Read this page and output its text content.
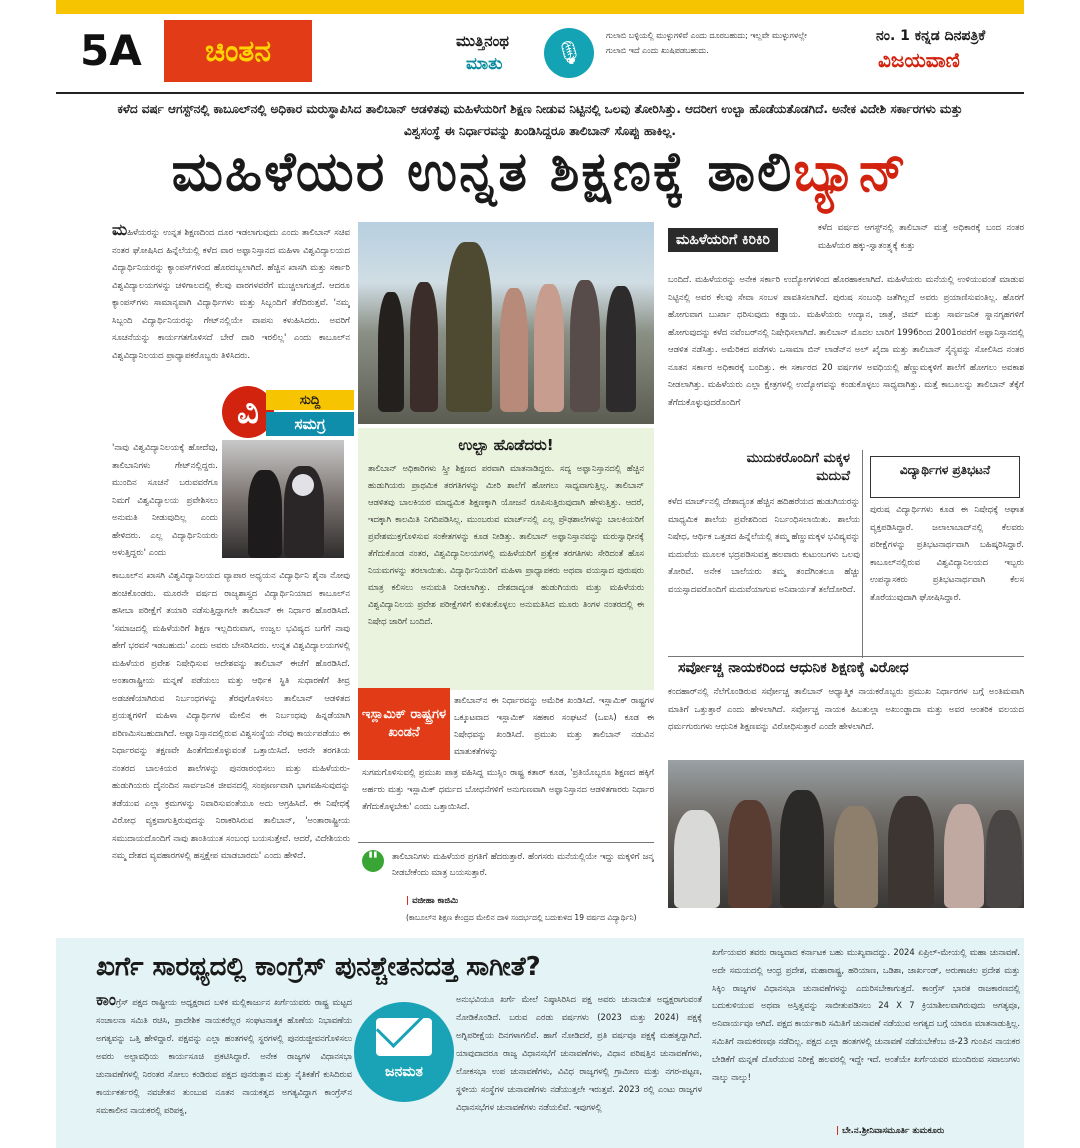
5A	ಚಿಂತನ	ಮುತ್ತಿನಂಥ
ಮಾತು	🎙
ಗುಲಾಬಿ ಬಳ್ಳಿಯಲ್ಲಿ ಮುಳ್ಳುಗಳಿವೆ ಎಂದು ದೂರಬಹುದು; ಇಲ್ಲವೇ ಮುಳ್ಳುಗಳಲ್ಲೇ ಗುಲಾಬಿ ಇದೆ ಎಂದು ಖುಷಿಪಡಬಹುದು.
ನಂ. 1 ಕನ್ನಡ ದಿನಪತ್ರಿಕೆ
ವಿಜಯವಾಣಿ
ಕಳೆದ ವರ್ಷ ಆಗಸ್ಟ್‌ನಲ್ಲಿ ಕಾಬೂಲ್‌ನಲ್ಲಿ ಅಧಿಕಾರ ಮರುಸ್ಥಾಪಿಸಿದ ತಾಲಿಬಾನ್ ಆಡಳಿತವು ಮಹಿಳೆಯರಿಗೆ ಶಿಕ್ಷಣ ನೀಡುವ ನಿಟ್ಟಿನಲ್ಲಿ ಒಲವು ತೋರಿಸಿತ್ತು. ಆದರೀಗ ಉಲ್ಟಾ ಹೊಡೆಯತೊಡಗಿದೆ. ಅನೇಕ ವಿದೇಶಿ ಸರ್ಕಾರಗಳು ಮತ್ತು ವಿಶ್ವಸಂಸ್ಥೆ ಈ ನಿರ್ಧಾರವನ್ನು ಖಂಡಿಸಿದ್ದರೂ ತಾಲಿಬಾನ್ ಸೊಪ್ಪು ಹಾಕಿಲ್ಲ.
ಮಹಿಳೆಯರ ಉನ್ನತ ಶಿಕ್ಷಣಕ್ಕೆ ತಾಲಿಬ್ಯಾನ್
ಮಹಿಳೆಯರನ್ನು ಉನ್ನತ ಶಿಕ್ಷಣದಿಂದ ದೂರ ಇಡಲಾಗುವುದು ಎಂದು ತಾಲಿಬಾನ್ ಸಚಿವ ನಂತರ ಘೋಷಿಸಿದ ಹಿನ್ನೆಲೆಯಲ್ಲಿ ಕಳೆದ ವಾರ ಅಫ್ಘಾನಿಸ್ತಾನದ ಮಹಿಳಾ ವಿಶ್ವವಿದ್ಯಾಲಯದ ವಿದ್ಯಾರ್ಥಿನಿಯರನ್ನು ಕ್ಯಾಂಪಸ್‌ಗಳಿಂದ ಹೊರದಬ್ಬಲಾಗಿದೆ. ಹೆಚ್ಚಿನ ಖಾಸಗಿ ಮತ್ತು ಸರ್ಕಾರಿ ವಿಶ್ವವಿದ್ಯಾಲಯಗಳನ್ನು ಚಳಿಗಾಲದಲ್ಲಿ ಕೆಲವು ವಾರಗಳವರೆಗೆ ಮುಚ್ಚಲಾಗುತ್ತದೆ. ಆದರೂ ಕ್ಯಾಂಪಸ್‌ಗಳು ಸಾಮಾನ್ಯವಾಗಿ ವಿದ್ಯಾರ್ಥಿಗಳು ಮತ್ತು ಸಿಬ್ಬಂದಿಗೆ ತೆರೆದಿರುತ್ತವೆ. 'ನಮ್ಮ ಸಿಬ್ಬಂದಿ ವಿದ್ಯಾರ್ಥಿನಿಯರನ್ನು ಗೇಟ್‌ನಲ್ಲಿಯೇ ವಾಪಸು ಕಳುಹಿಸಿದರು. ಅವರಿಗೆ ಸೂಚನೆಯನ್ನು ಕಾರ್ಯಗತಗೊಳಿಸದೆ ಬೇರೆ ದಾರಿ ಇರಲಿಲ್ಲ' ಎಂದು ಕಾಬೂಲ್‌ನ ವಿಶ್ವವಿದ್ಯಾನಿಲಯದ ಪ್ರಾಧ್ಯಾಪಕರೊಬ್ಬರು ತಿಳಿಸಿದರು.
ವಿ	ಸುದ್ದಿ
ಸಮಗ್ರ
'ನಾವು ವಿಶ್ವವಿದ್ಯಾನಿಲಯಕ್ಕೆ ಹೋದೆವು, ತಾಲಿಬಾನಿಗಳು ಗೇಟ್‌ನಲ್ಲಿದ್ದರು. ಮುಂದಿನ ಸೂಚನೆ ಬರುವವರೆಗೂ ನಿಮಗೆ ವಿಶ್ವವಿದ್ಯಾಲಯ ಪ್ರವೇಶಿಸಲು ಅನುಮತಿ ನೀಡುವುದಿಲ್ಲ ಎಂದು ಹೇಳಿದರು. ಎಲ್ಲ ವಿದ್ಯಾರ್ಥಿನಿಯರು ಅಳುತ್ತಿದ್ದರು' ಎಂದು
ಕಾಬೂಲ್‌ನ ಖಾಸಗಿ ವಿಶ್ವವಿದ್ಯಾನಿಲಯದ ವ್ಯಾಪಾರ ಅಧ್ಯಯನ ವಿದ್ಯಾರ್ಥಿನಿ ಶೈನಾ ನೋವು ಹಂಚಿಕೊಂಡರು. ಮೂರನೇ ವರ್ಷದ ರಾಜ್ಯಶಾಸ್ತ್ರದ ವಿದ್ಯಾರ್ಥಿನಿಯಾದ ಕಾಬೂಲ್‌ನ ಹಸೀಬಾ ಪರೀಕ್ಷೆಗೆ ತಯಾರಿ ನಡೆಸುತ್ತಿದ್ದಾಗಲೇ ತಾಲಿಬಾನ್ ಈ ನಿರ್ಧಾರ ಹೊರಡಿಸಿದೆ. 'ಸಮಾಜದಲ್ಲಿ ಮಹಿಳೆಯರಿಗೆ ಶಿಕ್ಷಣ ಇಲ್ಲದಿರುವಾಗ, ಉಜ್ವಲ ಭವಿಷ್ಯದ ಬಗೆಗೆ ನಾವು ಹೇಗೆ ಭರವಸೆ ಇಡಬಹುದು' ಎಂದು ಅವರು ಬೇಸರಿಸಿದರು. ಉನ್ನತ ವಿಶ್ವವಿದ್ಯಾಲಯಗಳಲ್ಲಿ ಮಹಿಳೆಯರ ಪ್ರವೇಶ ನಿಷೇಧಿಸುವ ಆದೇಶವನ್ನು ತಾಲಿಬಾನ್ ಈಚೆಗೆ ಹೊರಡಿಸಿದೆ. ಅಂತಾರಾಷ್ಟ್ರೀಯ ಮನ್ನಣೆ ಪಡೆಯಲು ಮತ್ತು ಆರ್ಥಿಕ ಸ್ಥಿತಿ ಸುಧಾರಣೆಗೆ ತೀವ್ರ ಅಡಚಣೆಯಾಗಿರುವ ನಿರ್ಬಂಧಗಳನ್ನು ತೆರವುಗೊಳಿಸಲು ತಾಲಿಬಾನ್ ಆಡಳಿತದ ಪ್ರಯತ್ನಗಳಿಗೆ ಮಹಿಳಾ ವಿದ್ಯಾರ್ಥಿಗಳ ಮೇಲಿನ ಈ ನಿರ್ಬಂಧವು ಹಿನ್ನಡೆಯಾಗಿ ಪರಿಣಮಿಸಬಹುದಾಗಿದೆ. ಅಫ್ಘಾನಿಸ್ತಾನದಲ್ಲಿರುವ ವಿಶ್ವಸಂಸ್ಥೆಯ ನೆರವು ಕಾರ್ಯಪಡೆಯು ಈ ನಿರ್ಧಾರವನ್ನು ತಕ್ಷಣವೇ ಹಿಂತೆಗೆದುಕೊಳ್ಳುವಂತೆ ಒತ್ತಾಯಿಸಿದೆ. ಆರನೇ ತರಗತಿಯ ನಂತರದ ಬಾಲಕಿಯರ ಶಾಲೆಗಳನ್ನು ಪುನರಾರಂಭಿಸಲು ಮತ್ತು ಮಹಿಳೆಯರು- ಹುಡುಗಿಯರು ದೈನಂದಿನ ಸಾರ್ವಜನಿಕ ಜೀವನದಲ್ಲಿ ಸಂಪೂರ್ಣವಾಗಿ ಭಾಗವಹಿಸುವುದನ್ನು ತಡೆಯುವ ಎಲ್ಲಾ ಕ್ರಮಗಳನ್ನು ನಿವಾರಿಸುವಂತೆಯೂ ಅದು ಆಗ್ರಹಿಸಿದೆ. ಈ ನಿಷೇಧಕ್ಕೆ ವಿರೋಧ ವ್ಯಕ್ತವಾಗುತ್ತಿರುವುದನ್ನು ನಿರಾಕರಿಸಿರುವ ತಾಲಿಬಾನ್, 'ಅಂತಾರಾಷ್ಟ್ರೀಯ ಸಮುದಾಯದೊಂದಿಗೆ ನಾವು ಶಾಂತಿಯುತ ಸಂಬಂಧ ಬಯಸುತ್ತೇವೆ. ಆದರೆ, ವಿದೇಶಿಯರು ನಮ್ಮ ದೇಶದ ವ್ಯವಹಾರಗಳಲ್ಲಿ ಹಸ್ತಕ್ಷೇಪ ಮಾಡಬಾರದು' ಎಂದು ಹೇಳಿದೆ.
ಉಲ್ಟಾ ಹೊಡೆದರು!
ತಾಲಿಬಾನ್ ಅಧಿಕಾರಿಗಳು ಸ್ತ್ರೀ ಶಿಕ್ಷಣದ ಪರವಾಗಿ ಮಾತನಾಡಿದ್ದರು. ಸದ್ಯ ಅಫ್ಘಾನಿಸ್ತಾನದಲ್ಲಿ ಹೆಚ್ಚಿನ ಹುಡುಗಿಯರು ಪ್ರಾಥಮಿಕ ತರಗತಿಗಳನ್ನು ಮೀರಿ ಶಾಲೆಗೆ ಹೋಗಲು ಸಾಧ್ಯವಾಗುತ್ತಿಲ್ಲ. ತಾಲಿಬಾನ್ ಆಡಳಿತವು ಬಾಲಕಿಯರ ಮಾಧ್ಯಮಿಕ ಶಿಕ್ಷಣಕ್ಕಾಗಿ ಯೋಜನೆ ರೂಪಿಸುತ್ತಿರುವುದಾಗಿ ಹೇಳುತ್ತಿತ್ತು. ಆದರೆ, ಇದಕ್ಕಾಗಿ ಕಾಲಮಿತಿ ನಿಗದಿಪಡಿಸಿಲ್ಲ. ಮುಂಬರುವ ಮಾರ್ಚ್‌ನಲ್ಲಿ ಎಲ್ಲ ಪ್ರೌಢಶಾಲೆಗಳನ್ನು ಬಾಲಕಿಯರಿಗೆ ಪ್ರವೇಶಮುಕ್ತಗೊಳಿಸುವ ಸಂಕೇತಗಳನ್ನು ಕೂಡ ನೀಡಿತ್ತು. ತಾಲಿಬಾನ್ ಅಫ್ಘಾನಿಸ್ತಾನವನ್ನು ಮರುಸ್ವಾಧೀನಕ್ಕೆ ತೆಗೆದುಕೊಂಡ ನಂತರ, ವಿಶ್ವವಿದ್ಯಾನಿಲಯಗಳಲ್ಲಿ ಮಹಿಳೆಯರಿಗೆ ಪ್ರತ್ಯೇಕ ತರಗತಿಗಳು ಸೇರಿದಂತೆ ಹೊಸ ನಿಯಮಗಳನ್ನು ತರಲಾಯಿತು. ವಿದ್ಯಾರ್ಥಿನಿಯರಿಗೆ ಮಹಿಳಾ ಪ್ರಾಧ್ಯಾಪಕರು ಅಥವಾ ವಯಸ್ಸಾದ ಪುರುಷರು ಮಾತ್ರ ಕಲಿಸಲು ಅನುಮತಿ ನೀಡಲಾಗಿತ್ತು. ದೇಶದಾದ್ಯಂತ ಹುಡುಗಿಯರು ಮತ್ತು ಮಹಿಳೆಯರು ವಿಶ್ವವಿದ್ಯಾನಿಲಯ ಪ್ರವೇಶ ಪರೀಕ್ಷೆಗಳಿಗೆ ಕುಳಿತುಕೊಳ್ಳಲು ಅನುಮತಿಸಿದ ಮೂರು ತಿಂಗಳ ನಂತರದಲ್ಲಿ ಈ ನಿಷೇಧ ಜಾರಿಗೆ ಬಂದಿದೆ.
ಇಸ್ಲಾಮಿಕ್ ರಾಷ್ಟ್ರಗಳ ಖಂಡನೆ
ತಾಲಿಬಾನ್‌ನ ಈ ನಿರ್ಧಾರವನ್ನು ಅಮೆರಿಕ ಖಂಡಿಸಿದೆ. ಇಸ್ಲಾಮಿಕ್ ರಾಷ್ಟ್ರಗಳ ಒಕ್ಕೂಟವಾದ ಇಸ್ಲಾಮಿಕ್ ಸಹಕಾರ ಸಂಘಟನೆ (ಒಐಸಿ) ಕೂಡ ಈ ನಿಷೇಧವನ್ನು ಖಂಡಿಸಿದೆ. ಪ್ರಮುಖ ಮತ್ತು ತಾಲಿಬಾನ್ ನಡುವಿನ ಮಾತುಕತೆಗಳನ್ನು
ಸುಗಮಗೊಳಿಸುವಲ್ಲಿ ಪ್ರಮುಖ ಪಾತ್ರ ವಹಿಸಿದ್ದ ಮುಸ್ಲಿಂ ರಾಷ್ಟ್ರ ಕತಾರ್ ಕೂಡ, 'ಪ್ರತಿಯೊಬ್ಬರೂ ಶಿಕ್ಷಣದ ಹಕ್ಕಿಗೆ ಅರ್ಹರು ಮತ್ತು ಇಸ್ಲಾಮಿಕ್ ಧರ್ಮದ ಬೋಧನೆಗಳಿಗೆ ಅನುಗುಣವಾಗಿ ಅಫ್ಘಾನಿಸ್ತಾನದ ಆಡಳಿತಗಾರರು ನಿರ್ಧಾರ ತೆಗೆದುಕೊಳ್ಳಬೇಕು' ಎಂದು ಒತ್ತಾಯಿಸಿದೆ.
"	ತಾಲಿಬಾನಿಗಳು ಮಹಿಳೆಯರ ಪ್ರಗತಿಗೆ ಹೆದರುತ್ತಾರೆ. ಹೆಂಗಸರು ಮನೆಯಲ್ಲಿಯೇ ಇದ್ದು ಮಕ್ಕಳಿಗೆ ಜನ್ಮ ನೀಡಬೇಕೆಂದು ಮಾತ್ರ ಬಯಸುತ್ತಾರೆ.
| ವಜೀಹಾ ಕಾಜಿಮಿ
(ಕಾಬೂಲ್‌ನ ಶಿಕ್ಷಣ ಕೇಂದ್ರದ ಮೇಲಿನ ದಾಳಿ ಸಂದರ್ಭದಲ್ಲಿ ಬದುಕುಳಿದ 19 ವರ್ಷದ ವಿದ್ಯಾರ್ಥಿನಿ)
ಮಹಿಳೆಯರಿಗೆ ಕಿರಿಕಿರಿ
ಕಳೆದ ವರ್ಷದ ಆಗಸ್ಟ್‌ನಲ್ಲಿ ತಾಲಿಬಾನ್ ಮತ್ತೆ ಅಧಿಕಾರಕ್ಕೆ ಬಂದ ನಂತರ ಮಹಿಳೆಯರ ಹಕ್ಕು-ಸ್ವಾತಂತ್ರ್ಯಕ್ಕೆ ಕುತ್ತು
ಬಂದಿದೆ. ಮಹಿಳೆಯರನ್ನು ಅನೇಕ ಸರ್ಕಾರಿ ಉದ್ಯೋಗಗಳಿಂದ ಹೊರಹಾಕಲಾಗಿದೆ. ಮಹಿಳೆಯರು ಮನೆಯಲ್ಲಿ ಉಳಿಯುವಂತೆ ಮಾಡುವ ನಿಟ್ಟಿನಲ್ಲಿ ಅವರ ಕೆಲವು ಸೇವಾ ಸಂಬಳ ಪಾವತಿಸಲಾಗಿದೆ. ಪುರುಷ ಸಂಬಂಧಿ ಜತೆಗಿಲ್ಲದೆ ಅವರು ಪ್ರಯಾಣಿಸುವಂತಿಲ್ಲ. ಹೊರಗೆ ಹೋಗುವಾಗ ಬುರ್ಖಾ ಧರಿಸುವುದು ಕಡ್ಡಾಯ. ಮಹಿಳೆಯರು ಉದ್ಯಾನ, ಜಾತ್ರೆ, ಜಿಮ್ ಮತ್ತು ಸಾರ್ವಜನಿಕ ಸ್ನಾನಗೃಹಗಳಿಗೆ ಹೋಗುವುದನ್ನು ಕಳೆದ ನವೆಂಬರ್‌ನಲ್ಲಿ ನಿಷೇಧಿಸಲಾಗಿದೆ. ತಾಲಿಬಾನ್ ಮೊದಲ ಬಾರಿಗೆ 1996ರಿಂದ 2001ರವರೆಗೆ ಅಫ್ಘಾನಿಸ್ತಾನದಲ್ಲಿ ಆಡಳಿತ ನಡೆಸಿತ್ತು. ಅಮೆರಿಕದ ಪಡೆಗಳು ಒಸಾಮಾ ಬಿನ್ ಲಾಡೆನ್‌ನ ಅಲ್ ಖೈದಾ ಮತ್ತು ತಾಲಿಬಾನ್ ಸೈನ್ಯವನ್ನು ಸೋಲಿಸಿದ ನಂತರ ನೂತನ ಸರ್ಕಾರ ಅಧಿಕಾರಕ್ಕೆ ಬಂದಿತ್ತು. ಈ ಸರ್ಕಾರದ 20 ವರ್ಷಗಳ ಅವಧಿಯಲ್ಲಿ ಹೆಣ್ಣುಮಕ್ಕಳಿಗೆ ಶಾಲೆಗೆ ಹೋಗಲು ಅವಕಾಶ ನೀಡಲಾಗಿತ್ತು. ಮಹಿಳೆಯರು ಎಲ್ಲಾ ಕ್ಷೇತ್ರಗಳಲ್ಲಿ ಉದ್ಯೋಗವನ್ನು ಕಂಡುಕೊಳ್ಳಲು ಸಾಧ್ಯವಾಗಿತ್ತು. ಮತ್ತೆ ಕಾಬೂಲನ್ನು ತಾಲಿಬಾನ್ ತೆಕ್ಕೆಗೆ ತೆಗೆದುಕೊಳ್ಳುವುದರೊಂದಿಗೆ
ಮುದುಕರೊಂದಿಗೆ ಮಕ್ಕಳ ಮದುವೆ
ಕಳೆದ ಮಾರ್ಚ್‌ನಲ್ಲಿ ದೇಶಾದ್ಯಂತ ಹೆಚ್ಚಿನ ಹದಿಹರೆಯದ ಹುಡುಗಿಯರನ್ನು ಮಾಧ್ಯಮಿಕ ಶಾಲೆಯ ಪ್ರವೇಶದಿಂದ ನಿರ್ಬಂಧಿಸಲಾಯಿತು. ಶಾಲೆಯ ನಿಷೇಧ, ಆರ್ಥಿಕ ಒತ್ತಡದ ಹಿನ್ನೆಲೆಯಲ್ಲಿ ತಮ್ಮ ಹೆಣ್ಣುಮಕ್ಕಳ ಭವಿಷ್ಯವನ್ನು ಮದುವೆಯ ಮೂಲಕ ಭದ್ರಪಡಿಸುವತ್ತ ಹಲವಾರು ಕುಟುಂಬಗಳು ಒಲವು ತೋರಿವೆ. ಅನೇಕ ಬಾಲೆಯರು ತಮ್ಮ ತಂದೆಗಿಂತಲೂ ಹೆಚ್ಚು ವಯಸ್ಸಾದವರೊಂದಿಗೆ ಮದುವೆಯಾಗುವ ಅನಿವಾರ್ಯತೆ ತಲೆದೋರಿದೆ.
ವಿದ್ಯಾರ್ಥಿಗಳ ಪ್ರತಿಭಟನೆ
ಪುರುಷ ವಿದ್ಯಾರ್ಥಿಗಳು ಕೂಡ ಈ ನಿಷೇಧಕ್ಕೆ ಆಘಾತ ವ್ಯಕ್ತಪಡಿಸಿದ್ದಾರೆ. ಜಲಾಲಾಬಾದ್‌ನಲ್ಲಿ ಕೆಲವರು ಪರೀಕ್ಷೆಗಳನ್ನು ಪ್ರತಿಭಟನಾರ್ಥವಾಗಿ ಬಹಿಷ್ಕರಿಸಿದ್ದಾರೆ. ಕಾಬೂಲ್‌ನಲ್ಲಿರುವ ವಿಶ್ವವಿದ್ಯಾನಿಲಯದ ಇಬ್ಬರು ಉಪನ್ಯಾಸಕರು ಪ್ರತಿಭಟನಾರ್ಥವಾಗಿ ಕೆಲಸ ತೊರೆಯುವುದಾಗಿ ಘೋಷಿಸಿದ್ದಾರೆ.
ಸರ್ವೋಚ್ಚ ನಾಯಕರಿಂದ ಆಧುನಿಕ ಶಿಕ್ಷಣಕ್ಕೆ ವಿರೋಧ
ಕಂದಹಾರ್‌ನಲ್ಲಿ ನೆಲೆಗೊಂಡಿರುವ ಸರ್ವೋಚ್ಚ ತಾಲಿಬಾನ್ ಆಧ್ಯಾತ್ಮಿಕ ನಾಯಕರೊಬ್ಬರು ಪ್ರಮುಖ ನಿರ್ಧಾರಗಳ ಬಗ್ಗೆ ಅಂತಿಮವಾಗಿ ಮಾತಿಗೆ ಒತ್ತುತ್ತಾರೆ ಎಂದು ಹೇಳಲಾಗಿದೆ. ಸರ್ವೋಚ್ಚ ನಾಯಕ ಹಿಬತುಲ್ಲಾ ಅಖುಂಡ್ಜಾದಾ ಮತ್ತು ಅವರ ಆಂತರಿಕ ವಲಯದ ಧರ್ಮಗುರುಗಳು ಆಧುನಿಕ ಶಿಕ್ಷಣವನ್ನು ವಿರೋಧಿಸುತ್ತಾರೆ ಎಂದೇ ಹೇಳಲಾಗಿದೆ.
ಖರ್ಗೆ ಸಾರಥ್ಯದಲ್ಲಿ ಕಾಂಗ್ರೆಸ್ ಪುನಶ್ಚೇತನದತ್ತ ಸಾಗೀತೆ?
ಕಾಂಗ್ರೆಸ್ ಪಕ್ಷದ ರಾಷ್ಟ್ರೀಯ ಅಧ್ಯಕ್ಷರಾದ ಬಳಿಕ ಮಲ್ಲಿಕಾರ್ಜುನ ಖರ್ಗೆಯವರು ರಾಷ್ಟ್ರ ಮಟ್ಟದ ಸಂಚಾಲನಾ ಸಮಿತಿ ರಚಿಸಿ, ಪ್ರಾದೇಶಿಕ ನಾಯಕರೆಲ್ಲರ ಸಂಘಟನಾತ್ಮಕ ಹೊಣೆಯ ನಿಭಾವಣೆಯ ಅಗತ್ಯವನ್ನು ಒತ್ತಿ ಹೇಳಿದ್ದಾರೆ. ಪಕ್ಷವನ್ನು ಎಲ್ಲಾ ಹಂತಗಳಲ್ಲಿ ಸ್ಥರಗಳಲ್ಲಿ ಪುನರುಜ್ಜೀವನಗೊಳಿಸಲು ಅವರು ಅಲ್ಪಾವಧಿಯ ಕಾರ್ಯಸೂಚಿ ಪ್ರಕಟಿಸಿದ್ದಾರೆ. ಅನೇಕ ರಾಜ್ಯಗಳ ವಿಧಾನಸಭಾ ಚುನಾವಣೆಗಳಲ್ಲಿ ನಿರಂತರ ಸೋಲು ಕಂಡಿರುವ ಪಕ್ಷದ ಪುನರುತ್ಥಾನ ಮತ್ತು ನೈತಿಕತೆಗೆ ಕುಸಿದಿರುವ ಕಾರ್ಯಕರ್ತರಲ್ಲಿ ನವಚೇತನ ತುಂಬುವ ನೂತನ ನಾಯಕತ್ವದ ಅಗತ್ಯವಿದ್ದಾಗ ಕಾಂಗ್ರೆಸ್‌ನ ಸಮಕಾಲೀನ ನಾಯಕರಲ್ಲಿ ಪರಿಪಕ್ವ,
ಜನಮತ
ಅನುಭವಿಯೂ ಖರ್ಗೆ ಮೇಲೆ ನಿಷ್ಠಾಸಿರಿಸಿದ ಪಕ್ಷ ಅವರು ಚುನಾಯಿತ ಅಧ್ಯಕ್ಷರಾಗುವಂತೆ ನೋಡಿಕೊಂಡಿದೆ. ಬರುವ ಎರಡು ವರ್ಷಗಳು (2023 ಮತ್ತು 2024) ಪಕ್ಷಕ್ಕೆ ಅಗ್ನಿಪರೀಕ್ಷೆಯ ದಿನಗಳಾಗಲಿವೆ. ಹಾಗೆ ನೋಡಿದರೆ, ಪ್ರತಿ ವರ್ಷವೂ ಪಕ್ಷಕ್ಕೆ ಮಹತ್ವದ್ದಾಗಿದೆ. ಯಾವುದಾದರೂ ರಾಜ್ಯ ವಿಧಾನಸಭೆಗೆ ಚುನಾವಣೆಗಳು, ವಿಧಾನ ಪರಿಷತ್ತಿನ ಚುನಾವಣೆಗಳು, ಲೋಕಸಭಾ ಉಪ ಚುನಾವಣೆಗಳು, ವಿವಿಧ ರಾಜ್ಯಗಳಲ್ಲಿ ಗ್ರಾಮೀಣ ಮತ್ತು ನಗರ-ಪಟ್ಟಣ, ಸ್ಥಳೀಯ ಸಂಸ್ಥೆಗಳ ಚುನಾವಣೆಗಳು ನಡೆಯುತ್ತಲೇ ಇರುತ್ತವೆ. 2023 ರಲ್ಲಿ ಎಂಟು ರಾಜ್ಯಗಳ ವಿಧಾನಸಭೆಗಳ ಚುನಾವಣೆಗಳು ನಡೆಯಲಿವೆ. ಇವುಗಳಲ್ಲಿ
ಖರ್ಗೆಯವರ ತವರು ರಾಜ್ಯವಾದ ಕರ್ನಾಟಕ ಬಹು ಮುಖ್ಯವಾದದ್ದು. 2024 ಏಪ್ರಿಲ್-ಮೇಯಲ್ಲಿ ಮಹಾ ಚುನಾವಣೆ. ಅದೇ ಸಮಯದಲ್ಲಿ ಆಂಧ್ರ ಪ್ರದೇಶ, ಮಹಾರಾಷ್ಟ್ರ, ಹರಿಯಾಣ, ಒಡಿಶಾ, ಜಾರ್ಖಂಡ್, ಅರುಣಾಚಲ ಪ್ರದೇಶ ಮತ್ತು ಸಿಕ್ಕಿಂ ರಾಜ್ಯಗಳ ವಿಧಾನಸಭಾ ಚುನಾವಣೆಗಳನ್ನು ಎದುರಿಸಬೇಕಾಗುತ್ತದೆ. ಕಾಂಗ್ರೆಸ್ ಭಾರತ ರಾಜಕಾರಣದಲ್ಲಿ ಬದುಕುಳಿಯುವ ಅಥವಾ ಅಸ್ತಿತ್ವವನ್ನು ಸಾಬೀತುಪಡಿಸಲು 24 X 7 ಕ್ರಿಯಾಶೀಲವಾಗಿರುವುದು ಅಗತ್ಯವೂ, ಅನಿವಾರ್ಯವೂ ಆಗಿದೆ. ಪಕ್ಷದ ಕಾರ್ಯಕಾರಿ ಸಮಿತಿಗೆ ಚುನಾವಣೆ ನಡೆಯುವ ಅಗತ್ಯದ ಬಗ್ಗೆ ಯಾರೂ ಮಾತನಾಡುತ್ತಿಲ್ಲ. ಸಮಿತಿಗೆ ನಾಮಕರಣವೂ ನಡೆದಿಲ್ಲ. ಪಕ್ಷದ ಎಲ್ಲಾ ಹಂತಗಳಲ್ಲಿ ಚುನಾವಣೆ ನಡೆಯಬೇಕೆಂಬ ಜಿ-23 ಗುಂಪಿನ ನಾಯಕರ ಬೇಡಿಕೆಗೆ ಮನ್ನಣೆ ದೊರೆಯುವ ನಿರೀಕ್ಷೆ ಹಲವರಲ್ಲಿ ಇದ್ದೇ ಇದೆ. ಅಂತೆಯೇ ಖರ್ಗೆಯವರ ಮುಂದಿರುವ ಸವಾಲುಗಳು ನಾಲ್ಕು ನಾಲ್ಕು!
| ಬೇ.ನ.ಶ್ರೀನಿವಾಸಮೂರ್ತಿ ತುಮಕೂರು
